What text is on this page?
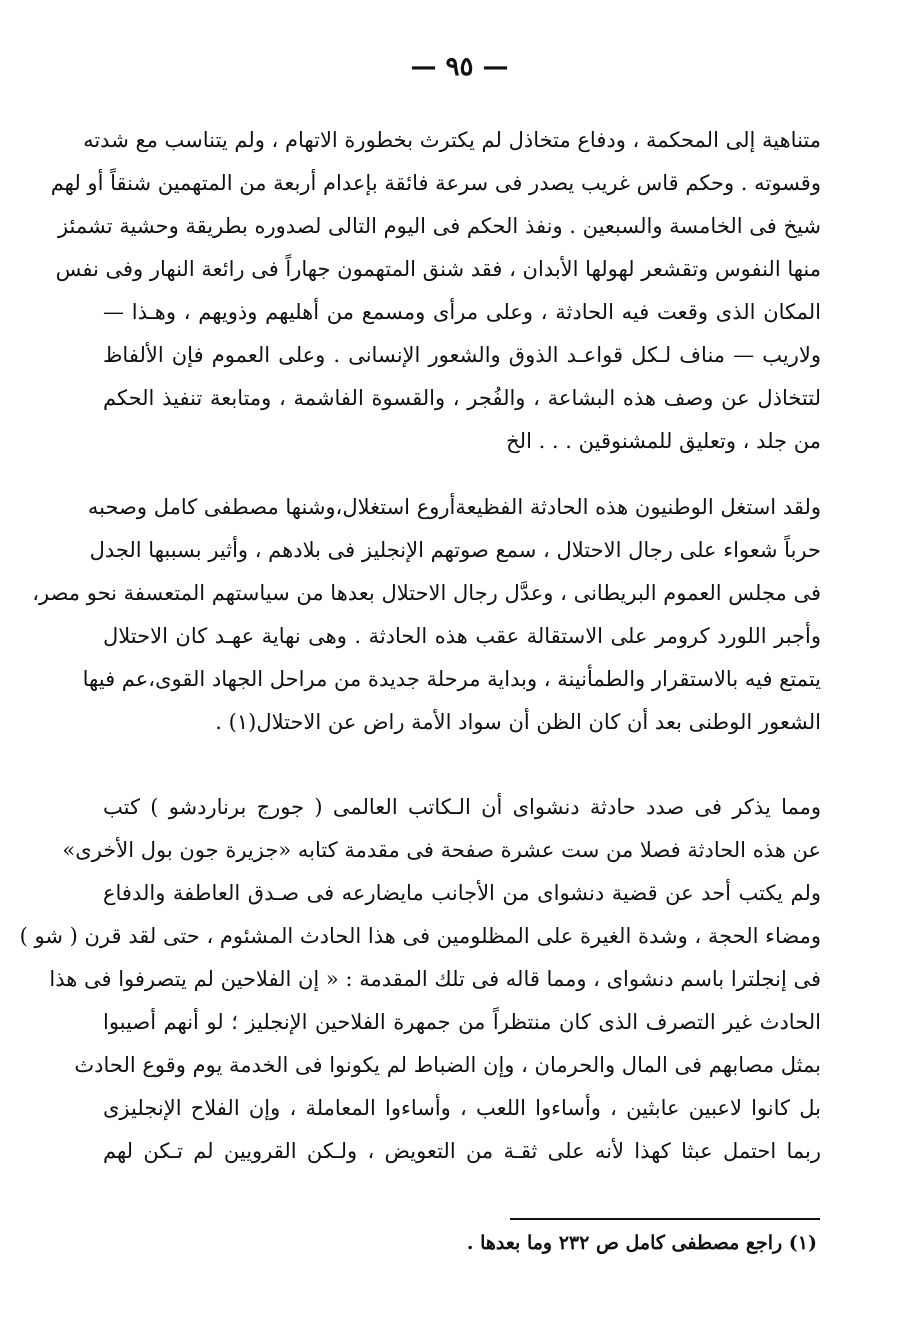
— ٩٥ —
متناهية إلى المحكمة ، ودفاع متخاذل لم يكترث بخطورة الاتهام ، ولم يتناسب مع شدته
وقسوته . وحكم قاس غريب يصدر فى سرعة فائقة بإعدام أربعة من المتهمين شنقاً أو لهم
شيخ فى الخامسة والسبعين . ونفذ الحكم فى اليوم التالى لصدوره بطريقة وحشية تشمئز
منها النفوس وتقشعر لهولها الأبدان ، فقد شنق المتهمون جهاراً فى رائعة النهار وفى نفس
المكان الذى وقعت فيه الحادثة ، وعلى مرأى ومسمع من أهليهم وذويهم ، وهـذا —
ولاريب — مناف لـكل قواعـد الذوق والشعور الإنسانى . وعلى العموم فإن الألفاظ
لتتخاذل عن وصف هذه البشاعة ، والفُجر ، والقسوة الفاشمة ، ومتابعة تنفيذ الحكم
من جلد ، وتعليق للمشنوقين . . . الخ
ولقد استغل الوطنيون هذه الحادثة الفظيعةأروع استغلال،وشنها مصطفى كامل وصحبه
حرباً شعواء على رجال الاحتلال ، سمع صوتهم الإنجليز فى بلادهم ، وأثير بسببها الجدل
فى مجلس العموم البريطانى ، وعدَّل رجال الاحتلال بعدها من سياستهم المتعسفة نحو مصر،
وأجبر اللورد كرومر على الاستقالة عقب هذه الحادثة . وهى نهاية عهـد كان الاحتلال
يتمتع فيه بالاستقرار والطمأنينة ، وبداية مرحلة جديدة من مراحل الجهاد القوى،عم فيها
الشعور الوطنى بعد أن كان الظن أن سواد الأمة راض عن الاحتلال(١) .
ومما يذكر فى صدد حادثة دنشواى أن الـكاتب العالمى ( جورج برناردشو ) كتب
عن هذه الحادثة فصلا من ست عشرة صفحة فى مقدمة كتابه «جزيرة جون بول الأخرى»
ولم يكتب أحد عن قضية دنشواى من الأجانب مايضارعه فى صـدق العاطفة والدفاع
ومضاء الحجة ، وشدة الغيرة على المظلومين فى هذا الحادث المشئوم ، حتى لقد قرن ( شو )
فى إنجلترا باسم دنشواى ، ومما قاله فى تلك المقدمة : « إن الفلاحين لم يتصرفوا فى هذا
الحادث غير التصرف الذى كان منتظراً من جمهرة الفلاحين الإنجليز ؛ لو أنهم أصيبوا
بمثل مصابهم فى المال والحرمان ، وإن الضباط لم يكونوا فى الخدمة يوم وقوع الحادث
بل كانوا لاعبين عابثين ، وأساءوا اللعب ، وأساءوا المعاملة ، وإن الفلاح الإنجليزى
ربما احتمل عبثا كهذا لأنه على ثقـة من التعويض ، ولـكن القرويين لم تـكن لهم
(١) راجع مصطفى كامل ص ٢٣٢ وما بعدها .
